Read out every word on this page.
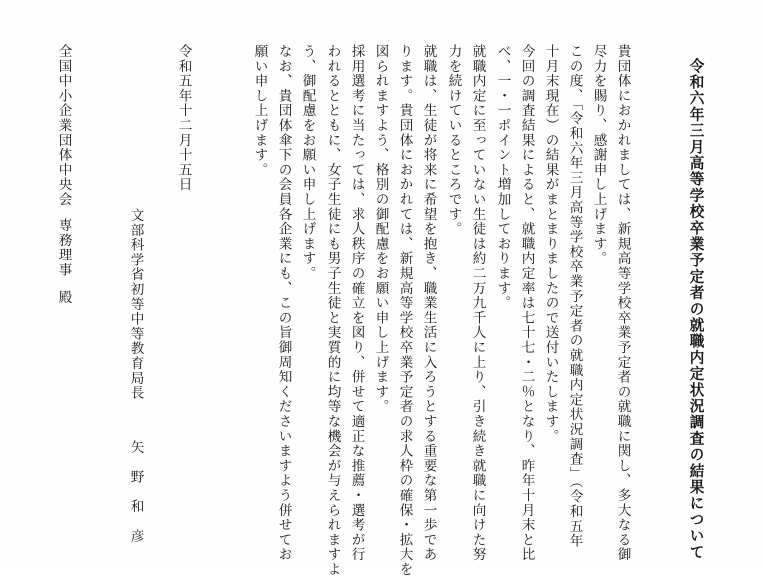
令和六年三月高等学校卒業予定者の就職内定状況調査の結果について
貴団体におかれましては、新規高等学校卒業予定者の就職に関し、多大なる御
尽力を賜り、感謝申し上げます。
この度、「令和六年三月高等学校卒業予定者の就職内定状況調査」（令和五年
十月末現在）の結果がまとまりましたので送付いたします。
今回の調査結果によると、就職内定率は七十七・二％となり、昨年十月末と比
べ、一・一ポイント増加しております。
就職内定に至っていない生徒は約二万九千人に上り、引き続き就職に向けた努
力を続けているところです。
就職は、生徒が将来に希望を抱き、職業生活に入ろうとする重要な第一歩であ
ります。貴団体におかれては、新規高等学校卒業予定者の求人枠の確保・拡大を
図られますよう、格別の御配慮をお願い申し上げます。
採用選考に当たっては、求人秩序の確立を図り、併せて適正な推薦・選考が行
われるとともに、女子生徒にも男子生徒と実質的に均等な機会が与えられますよ
う、御配慮をお願い申し上げます。
なお、貴団体傘下の会員各企業にも、この旨御周知くださいますよう併せてお
願い申し上げます。
令和五年十二月十五日
文部科学省初等中等教育局長
矢　野　和　彦
全国中小企業団体中央会
専務理事
殿
